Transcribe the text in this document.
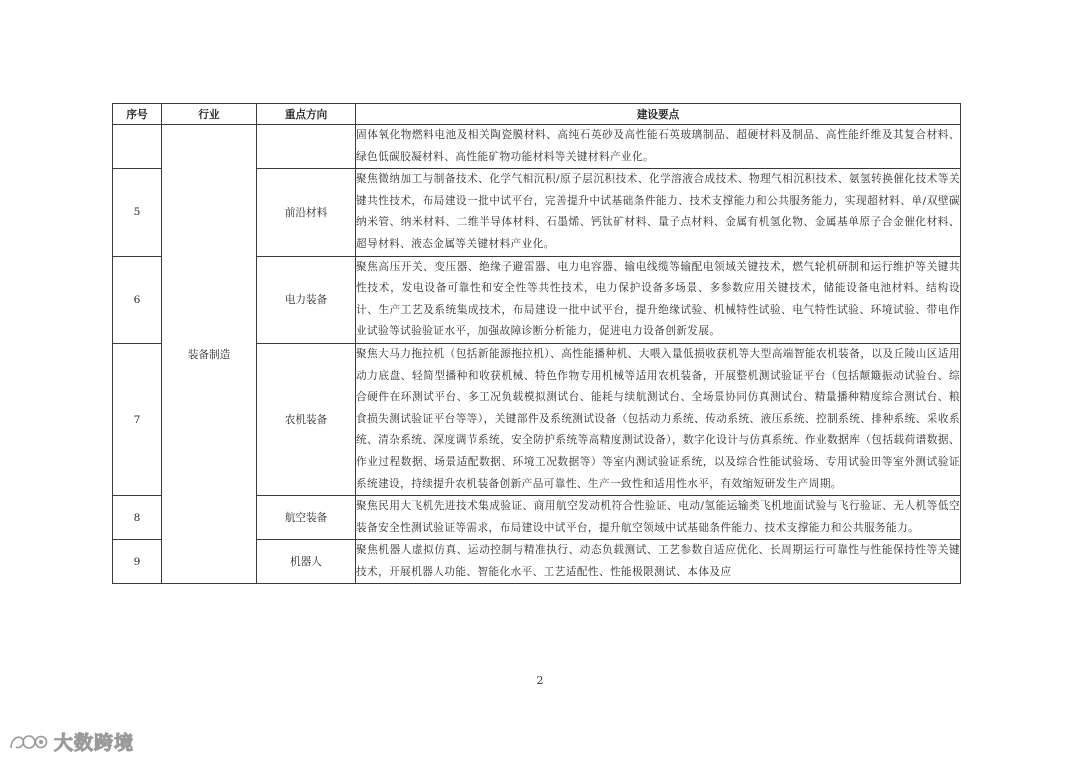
序号	行业	重点方向	建设要点
	装备制造		固体氧化物燃料电池及相关陶瓷膜材料、高纯石英砂及高性能石英玻璃制品、超硬材料及制品、高性能纤维及其复合材料、绿色低碳胶凝材料、高性能矿物功能材料等关键材料产业化。
5		前沿材料	聚焦微纳加工与制备技术、化学气相沉积/原子层沉积技术、化学溶液合成技术、物理气相沉积技术、氨氢转换催化技术等关键共性技术，布局建设一批中试平台，完善提升中试基础条件能力、技术支撑能力和公共服务能力，实现超材料、单/双壁碳纳米管、纳米材料、二维半导体材料、石墨烯、钙钛矿材料、量子点材料、金属有机氢化物、金属基单原子合金催化材料、超导材料、液态金属等关键材料产业化。
6		电力装备	聚焦高压开关、变压器、绝缘子避雷器、电力电容器、输电线缆等输配电领域关键技术，燃气轮机研制和运行维护等关键共性技术，发电设备可靠性和安全性等共性技术，电力保护设备多场景、多参数应用关键技术，储能设备电池材料、结构设计、生产工艺及系统集成技术，布局建设一批中试平台，提升绝缘试验、机械特性试验、电气特性试验、环境试验、带电作业试验等试验验证水平，加强故障诊断分析能力，促进电力设备创新发展。
7		农机装备	聚焦大马力拖拉机（包括新能源拖拉机）、高性能播种机、大喂入量低损收获机等大型高端智能农机装备，以及丘陵山区适用动力底盘、轻简型播种和收获机械、特色作物专用机械等适用农机装备，开展整机测试验证平台（包括颠簸振动试验台、综合硬件在环测试平台、多工况负载模拟测试台、能耗与续航测试台、全场景协同仿真测试台、精量播种精度综合测试台、粮食损失测试验证平台等等），关键部件及系统测试设备（包括动力系统、传动系统、液压系统、控制系统、排种系统、采收系统、清杂系统、深度调节系统、安全防护系统等高精度测试设备），数字化设计与仿真系统、作业数据库（包括载荷谱数据、作业过程数据、场景适配数据、环境工况数据等）等室内测试验证系统，以及综合性能试验场、专用试验田等室外测试验证系统建设，持续提升农机装备创新产品可靠性、生产一致性和适用性水平，有效缩短研发生产周期。
8		航空装备	聚焦民用大飞机先进技术集成验证、商用航空发动机符合性验证、电动/氢能运输类飞机地面试验与飞行验证、无人机等低空装备安全性测试验证等需求，布局建设中试平台，提升航空领域中试基础条件能力、技术支撑能力和公共服务能力。
9		机器人	聚焦机器人虚拟仿真、运动控制与精准执行、动态负载测试、工艺参数自适应优化、长周期运行可靠性与性能保持性等关键技术，开展机器人功能、智能化水平、工艺适配性、性能极限测试、本体及应
2
大数跨境
